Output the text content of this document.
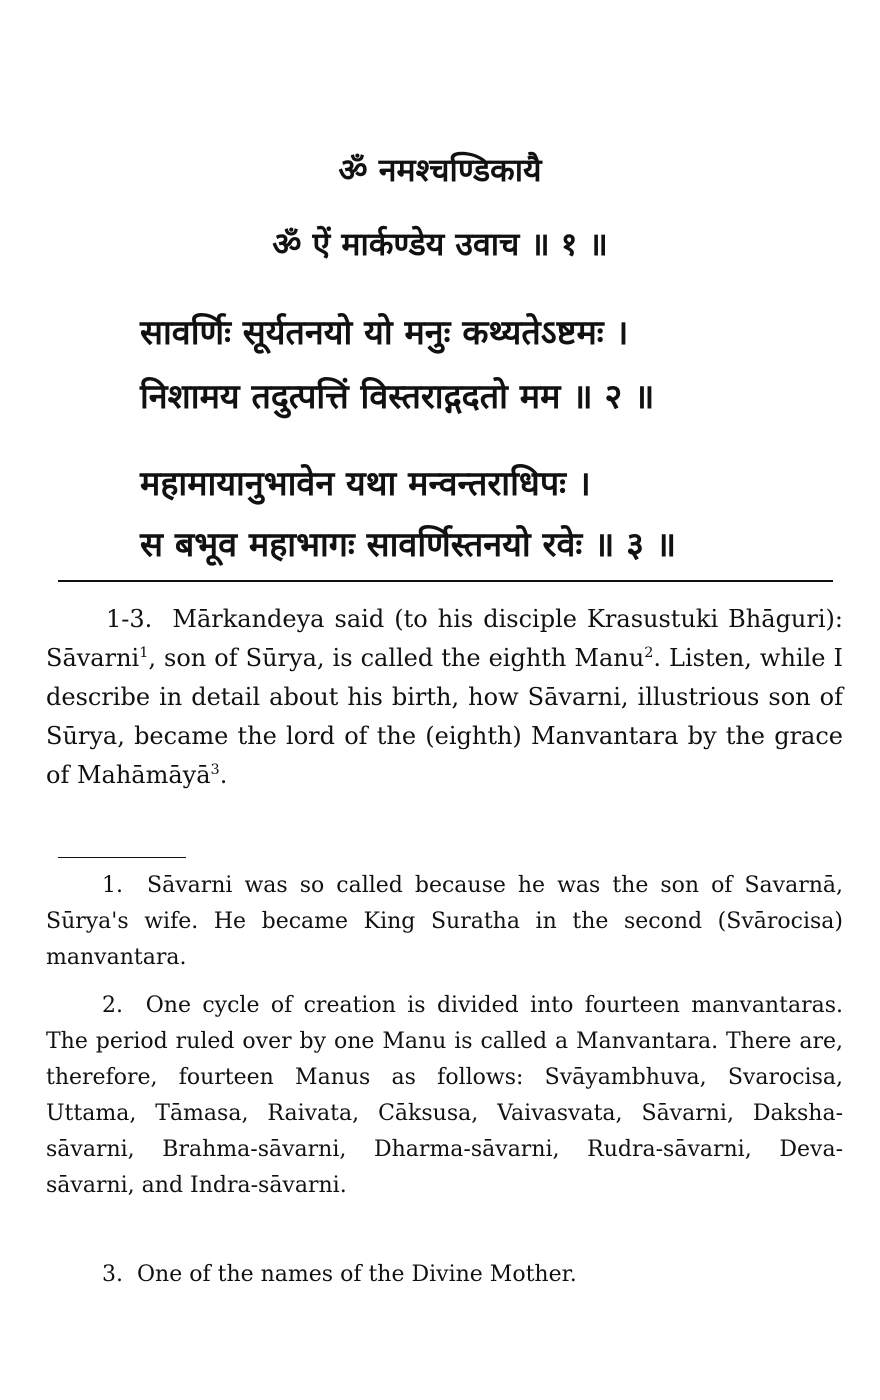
ॐ नमश्चण्डिकायै
ॐ ऐं मार्कण्डेय उवाच ॥ १ ॥
सावर्णिः सूर्यतनयो यो मनुः कथ्यतेऽष्टमः ।
निशामय तदुत्पत्तिं विस्तराद्गदतो मम ॥ २ ॥
महामायानुभावेन यथा मन्वन्तराधिपः ।
स बभूव महाभागः सावर्णिस्तनयो रवेः ॥ ३ ॥
1-3. Mārkandeya said (to his disciple Krasustuki Bhāguri): Sāvarni$^1$, son of Sūrya, is called the eighth Manu$^2$. Listen, while I describe in detail about his birth, how Sāvarni, illustrious son of Sūrya, became the lord of the (eighth) Manvantara by the grace of Mahāmāyā$^3$.
1. Sāvarni was so called because he was the son of Savarnā, Sūrya's wife. He became King Suratha in the second (Svārocisa) manvantara.
2. One cycle of creation is divided into fourteen manvantaras. The period ruled over by one Manu is called a Manvantara. There are, therefore, fourteen Manus as follows: Svāyambhuva, Svarocisa, Uttama, Tāmasa, Raivata, Cāksusa, Vaivasvata, Sāvarni, Daksha-sāvarni, Brahma-sāvarni, Dharma-sāvarni, Rudra-sāvarni, Deva-sāvarni, and Indra-sāvarni.
3. One of the names of the Divine Mother.
